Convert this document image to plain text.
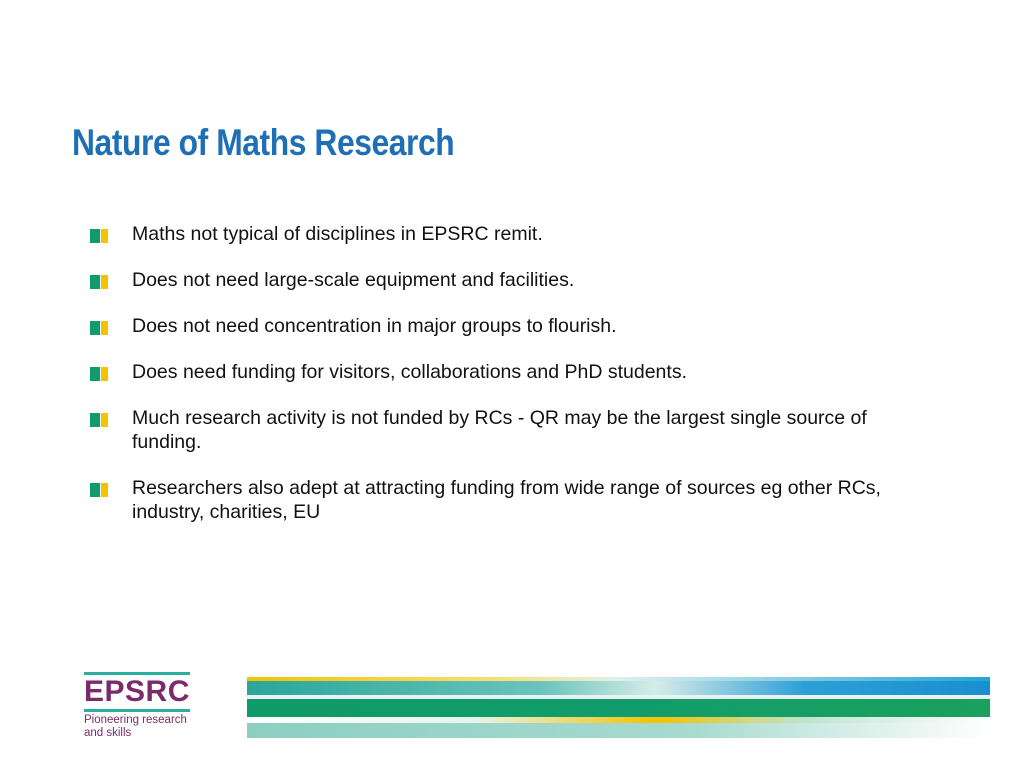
Nature of Maths Research
Maths not typical of disciplines in EPSRC remit.
Does not need large-scale equipment and facilities.
Does not need concentration in major groups to flourish.
Does need funding for visitors, collaborations and PhD students.
Much research activity is not funded by RCs - QR may be the largest single source of funding.
Researchers also adept at attracting funding from wide range of sources eg other RCs, industry, charities, EU
EPSRC
Pioneering research
and skills
